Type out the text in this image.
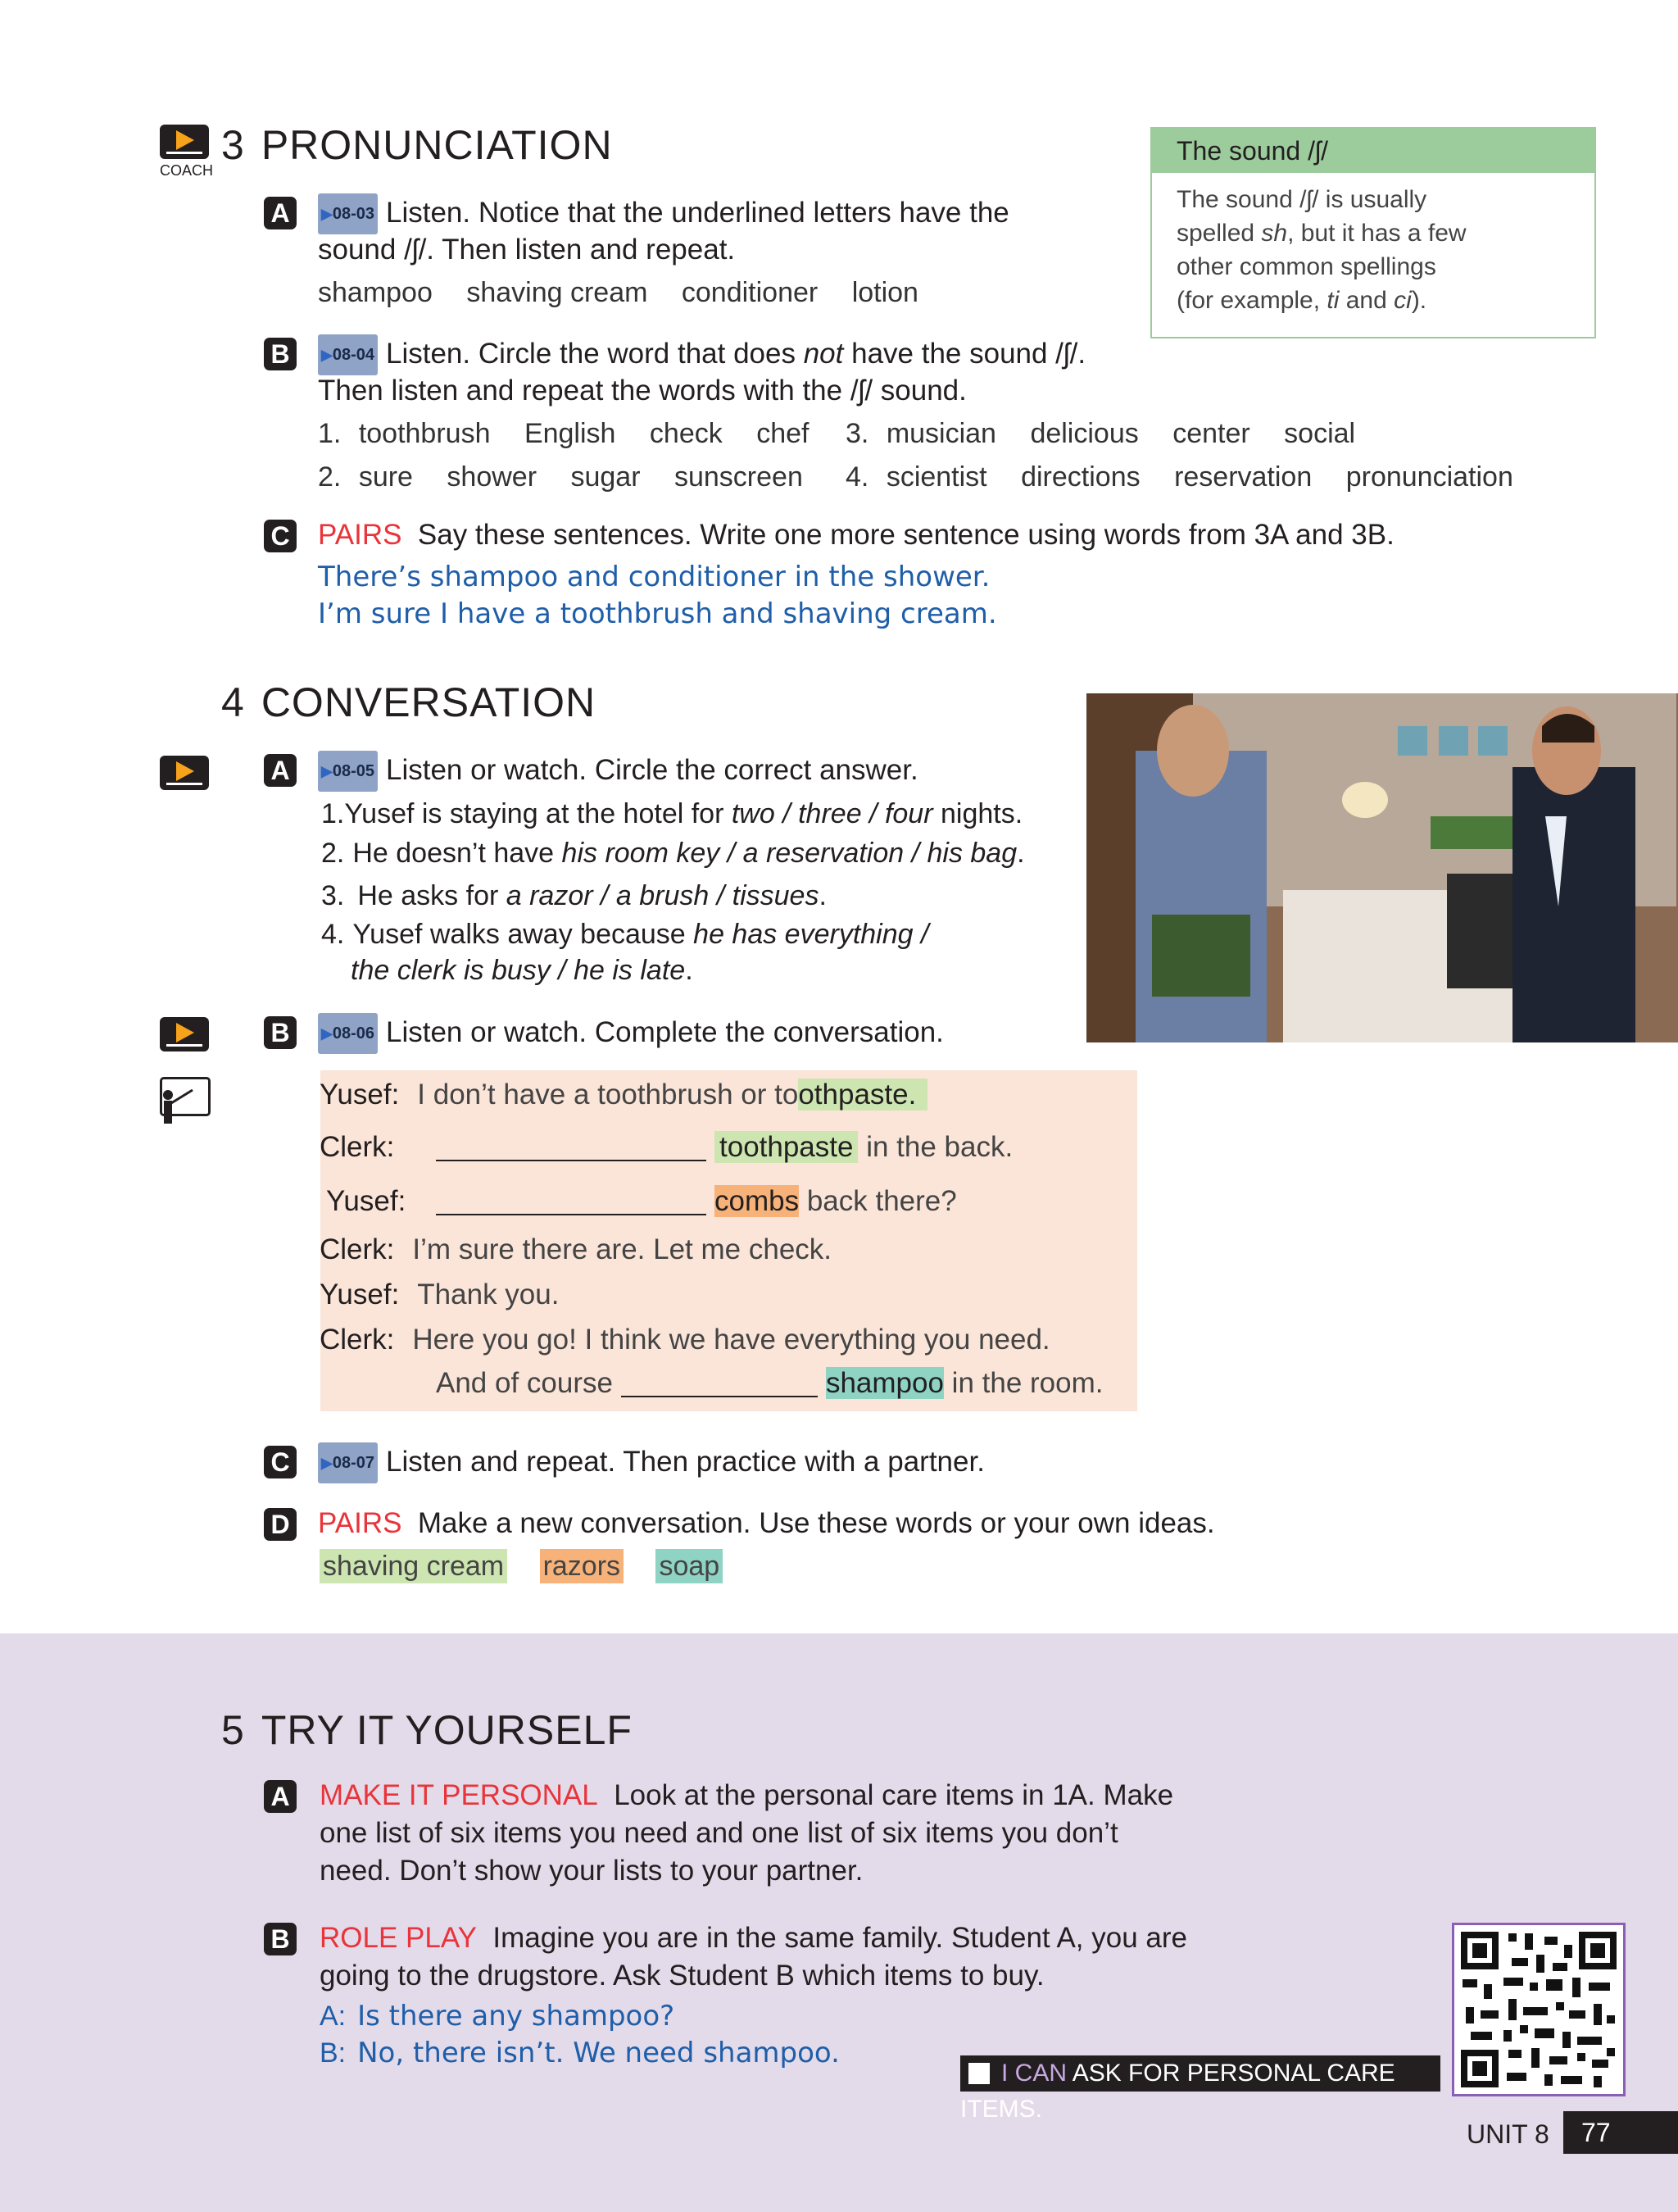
COACH
3 PRONUNCIATION	The sound /ʃ/
The sound /ʃ/ is usually
spelled sh, but it has a few
other common spellings
(for example, ti and ci).
A	▶08-03 Listen. Notice that the underlined letters have the
sound /ʃ/. Then listen and repeat.
shampoo shaving cream conditioner lotion
B	▶08-04 Listen. Circle the word that does not have the sound /ʃ/.
Then listen and repeat the words with the /ʃ/ sound.
1. toothbrush English check chef
2. sure shower sugar sunscreen
3. musician delicious center social
4. scientist directions reservation pronunciation
C PAIRS Say these sentences. Write one more sentence using words from 3A and 3B.
There’s shampoo and conditioner in the shower.
I’m sure I have a toothbrush and shaving cream.
4 CONVERSATION
A	▶08-05 Listen or watch. Circle the correct answer.
1.Yusef is staying at the hotel for two / three / four nights.
2. He doesn’t have his room key / a reservation / his bag.
3. He asks for a razor / a brush / tissues.
4. Yusef walks away because he has everything /
the clerk is busy / he is late.
B	▶08-06 Listen or watch. Complete the conversation.
Yusef: I don’t have a toothbrush or toothpaste.
Clerk:	toothpaste in the back.
Yusef:	combs back there?
Clerk: I’m sure there are. Let me check.
Yusef: Thank you.
Clerk: Here you go! I think we have everything you need.
And of course	shampoo in the room.
C	▶08-07 Listen and repeat. Then practice with a partner.
D PAIRS Make a new conversation. Use these words or your own ideas.
shaving cream razors soap
5 TRY IT YOURSELF
A MAKE IT PERSONAL Look at the personal care items in 1A. Make
one list of six items you need and one list of six items you don’t
need. Don’t show your lists to your partner.
B ROLE PLAY Imagine you are in the same family. Student A, you are
going to the drugstore. Ask Student B which items to buy.
A: Is there any shampoo?
B: No, there isn’t. We need shampoo.
I CAN ASK FOR PERSONAL CARE ITEMS.
UNIT 8	77
